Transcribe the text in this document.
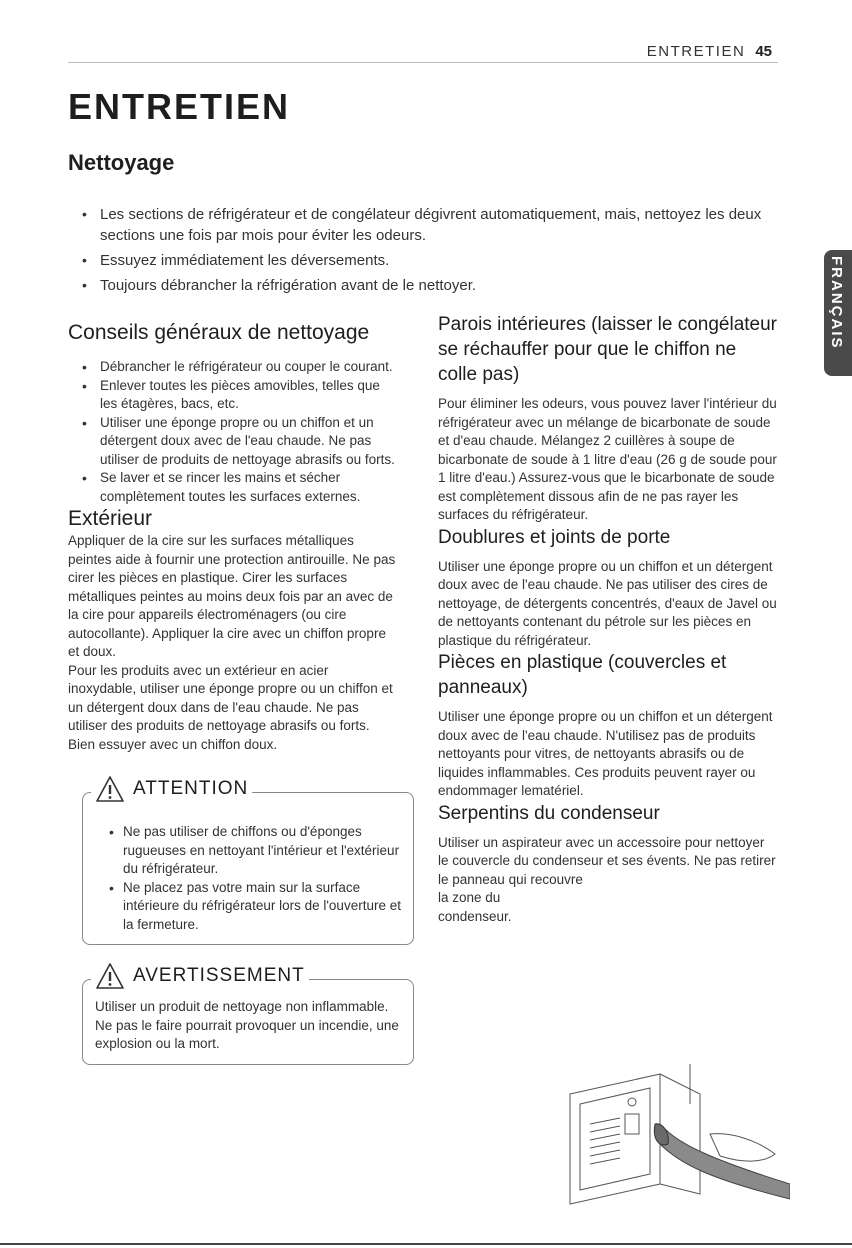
ENTRETIEN 45
ENTRETIEN
Nettoyage
• Les sections de réfrigérateur et de congélateur dégivrent automatiquement, mais, nettoyez les deux sections une fois par mois pour éviter les odeurs.
• Essuyez immédiatement les déversements.
• Toujours débrancher la réfrigération avant de le nettoyer.	FRANÇAIS
Conseils généraux de nettoyage
• Débrancher le réfrigérateur ou couper le courant.
• Enlever toutes les pièces amovibles, telles que les étagères, bacs, etc.
• Utiliser une éponge propre ou un chiffon et un détergent doux avec de l'eau chaude. Ne pas utiliser de produits de nettoyage abrasifs ou forts.
• Se laver et se rincer les mains et sécher complètement toutes les surfaces externes.
Extérieur

Appliquer de la cire sur les surfaces métalliques peintes aide à fournir une protection antirouille. Ne pas cirer les pièces en plastique. Cirer les surfaces métalliques peintes au moins deux fois par an avec de la cire pour appareils électroménagers (ou cire autocollante). Appliquer la cire avec un chiffon propre et doux.

Pour les produits avec un extérieur en acier inoxydable, utiliser une éponge propre ou un chiffon et un détergent doux dans de l'eau chaude. Ne pas utiliser des produits de nettoyage abrasifs ou forts. Bien essuyer avec un chiffon doux.

ATTENTION
• Ne pas utiliser de chiffons ou d'éponges rugueuses en nettoyant l'intérieur et l'extérieur du réfrigérateur.
• Ne placez pas votre main sur la surface intérieure du réfrigérateur lors de l'ouverture et la fermeture.
AVERTISSEMENT

Utiliser un produit de nettoyage non inflammable. Ne pas le faire pourrait provoquer un incendie, une explosion ou la mort.

Parois intérieures (laisser le congélateur se réchauffer pour que le chiffon ne colle pas)

Pour éliminer les odeurs, vous pouvez laver l'intérieur du réfrigérateur avec un mélange de bicarbonate de soude et d'eau chaude. Mélangez 2 cuillères à soupe de bicarbonate de soude à 1 litre d'eau (26 g de soude pour 1 litre d'eau.) Assurez-vous que le bicarbonate de soude est complètement dissous afin de ne pas rayer les surfaces du réfrigérateur.

Doublures et joints de porte

Utiliser une éponge propre ou un chiffon et un détergent doux avec de l'eau chaude. Ne pas utiliser des cires de nettoyage, de détergents concentrés, d'eaux de Javel ou de nettoyants contenant du pétrole sur les pièces en plastique du réfrigérateur.

Pièces en plastique (couvercles et panneaux)

Utiliser une éponge propre ou un chiffon et un détergent doux avec de l'eau chaude. N'utilisez pas de produits nettoyants pour vitres, de nettoyants abrasifs ou de liquides inflammables. Ces produits peuvent rayer ou endommager lematériel.

Serpentins du condenseur

Utiliser un aspirateur avec un accessoire pour nettoyer le couvercle du condenseur et ses évents. Ne pas retirer le panneau qui recouvre
la zone du
condenseur.
